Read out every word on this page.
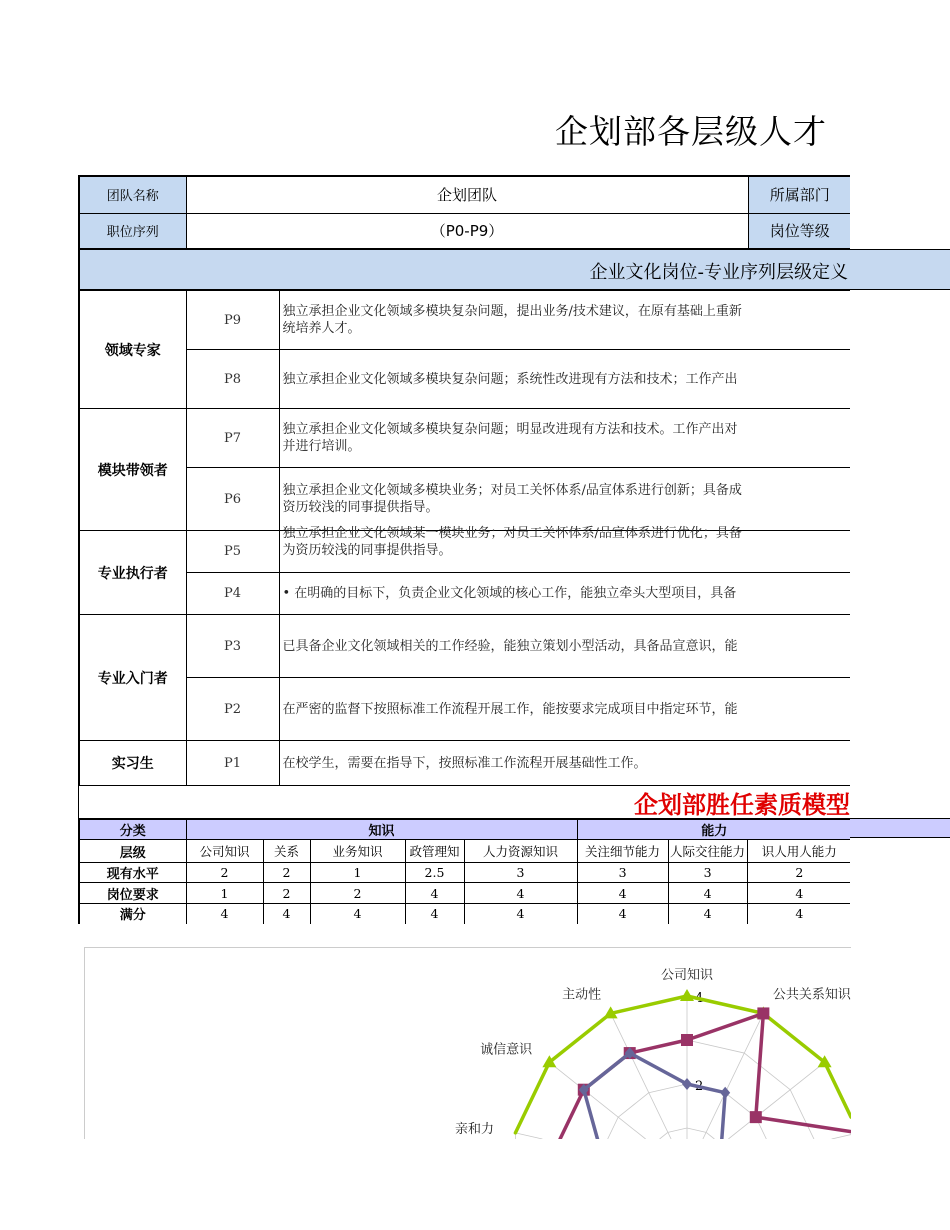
企划部各层级人才
团队名称	企划团队	所属部门
职位序列	（P0-P9）	岗位等级
企业文化岗位-专业序列层级定义
领域专家	P9	独立承担企业文化领域多模块复杂问题，提出业务/技术建议，在原有基础上重新
统培养人才。

	P8	独立承担企业文化领域多模块复杂问题；系统性改进现有方法和技术；工作产出

模块带领者	P7	独立承担企业文化领域多模块复杂问题；明显改进现有方法和技术。工作产出对
并进行培训。

	P6	独立承担企业文化领域多模块业务；对员工关怀体系/品宣体系进行创新；具备成
资历较浅的同事提供指导。

专业执行者	P5	独立承担企业文化领域某一模块业务；对员工关怀体系/品宣体系进行优化；具备
为资历较浅的同事提供指导。

	P4	• 在明确的目标下，负责企业文化领域的核心工作，能独立牵头大型项目，具备

专业入门者	P3	已具备企业文化领域相关的工作经验，能独立策划小型活动，具备品宣意识，能

	P2	在严密的监督下按照标准工作流程开展工作，能按要求完成项目中指定环节，能

实习生	P1	在校学生，需要在指导下，按照标准工作流程开展基础性工作。
企划部胜任素质模型
分类	知识					能力		
层级	公司知识	关系	业务知识	政管理知	人力资源知识	关注细节能力	人际交往能力	识人用人能力
现有水平	2	2	1	2.5	3	3	3	2
岗位要求	1	2	2	4	4	4	4	4
满分	4	4	4	4	4	4	4	4
公司知识
公共关系知识
亲和力
诚信意识
主动性
